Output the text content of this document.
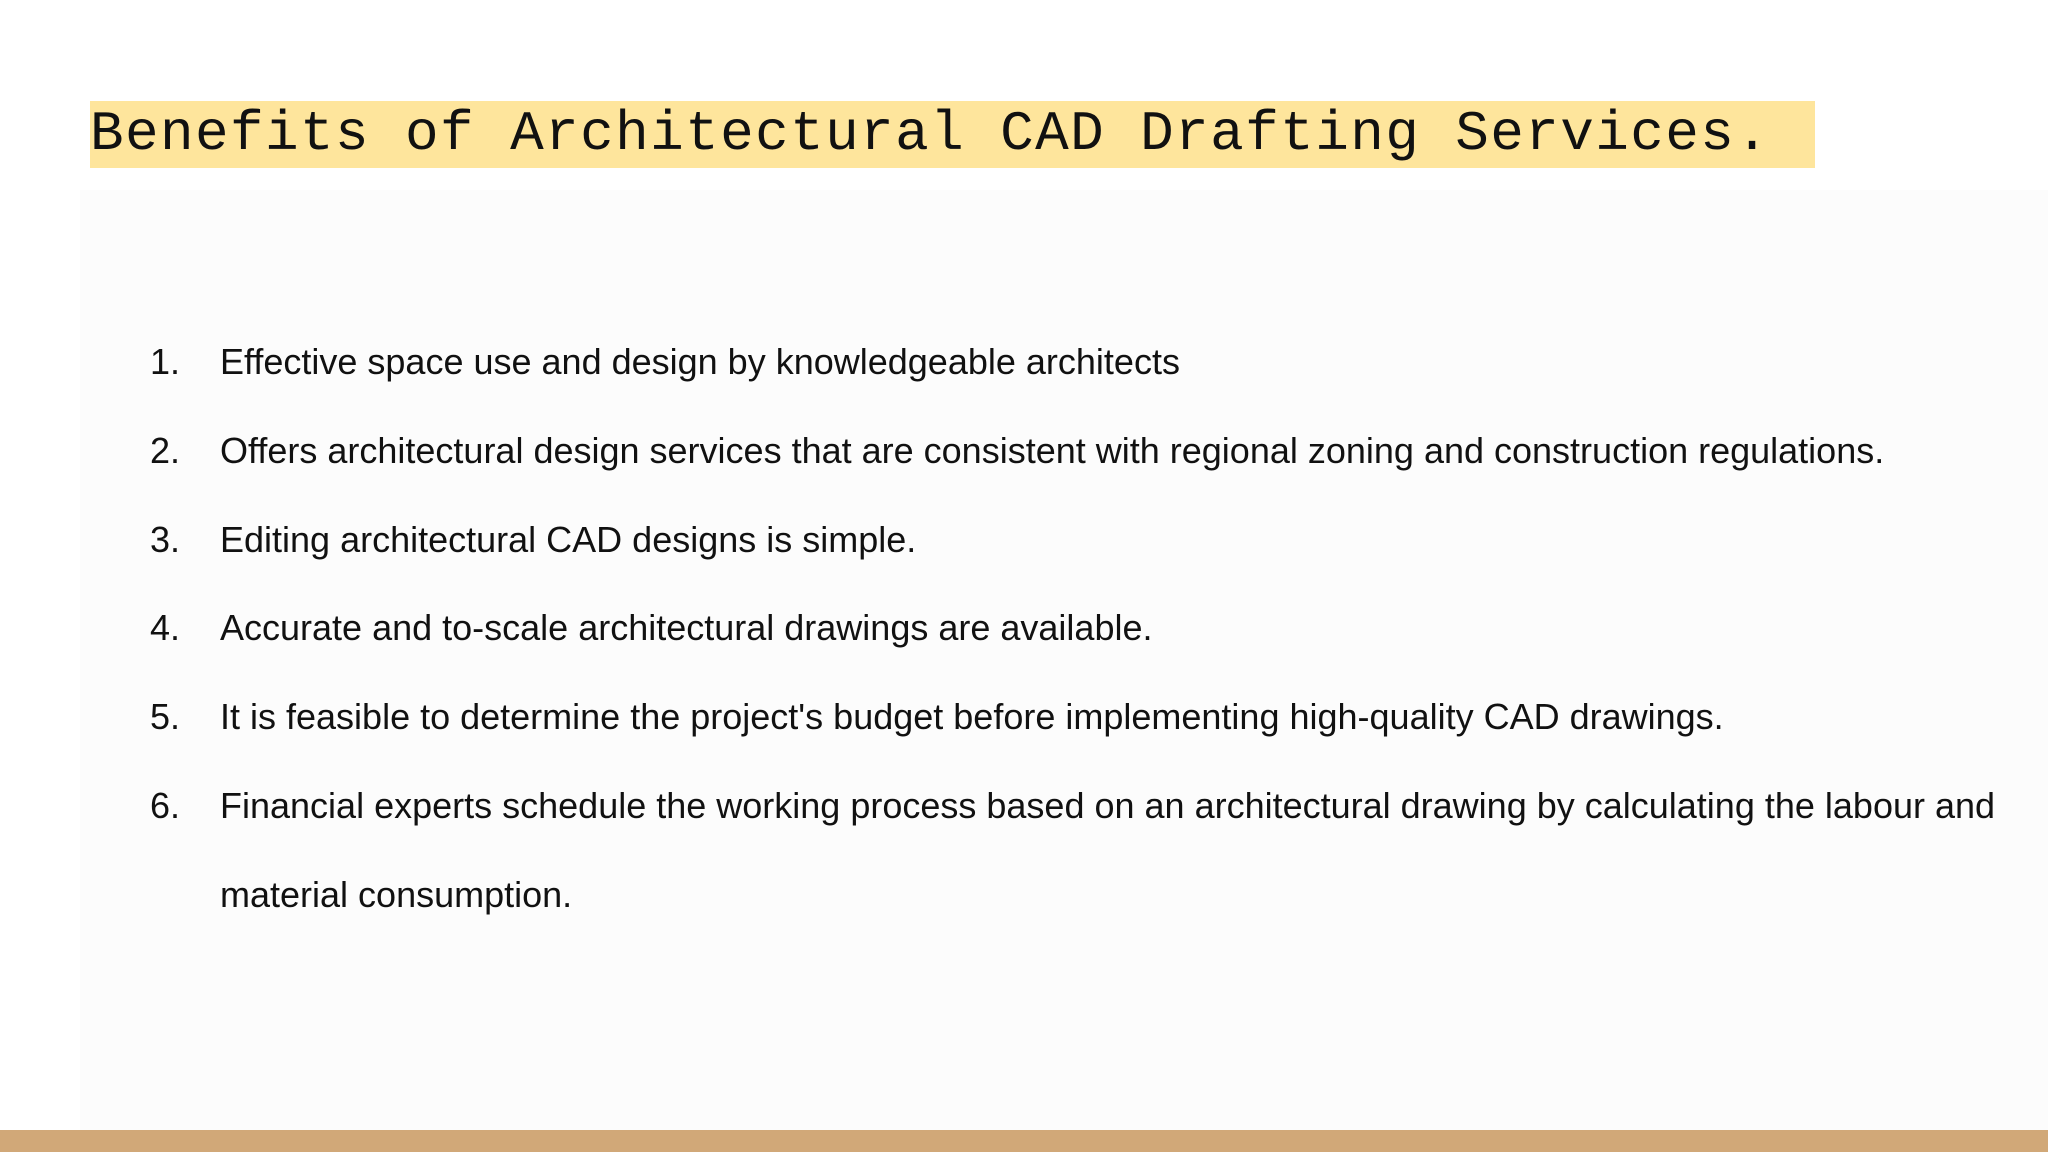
Benefits of Architectural CAD Drafting Services.
1.	Effective space use and design by knowledgeable architects
2.	Offers architectural design services that are consistent with regional zoning and construction regulations.
3.	Editing architectural CAD designs is simple.
4.	Accurate and to-scale architectural drawings are available.
5.	It is feasible to determine the project's budget before implementing high-quality CAD drawings.
6.	Financial experts schedule the working process based on an architectural drawing by calculating the labour and material consumption.
